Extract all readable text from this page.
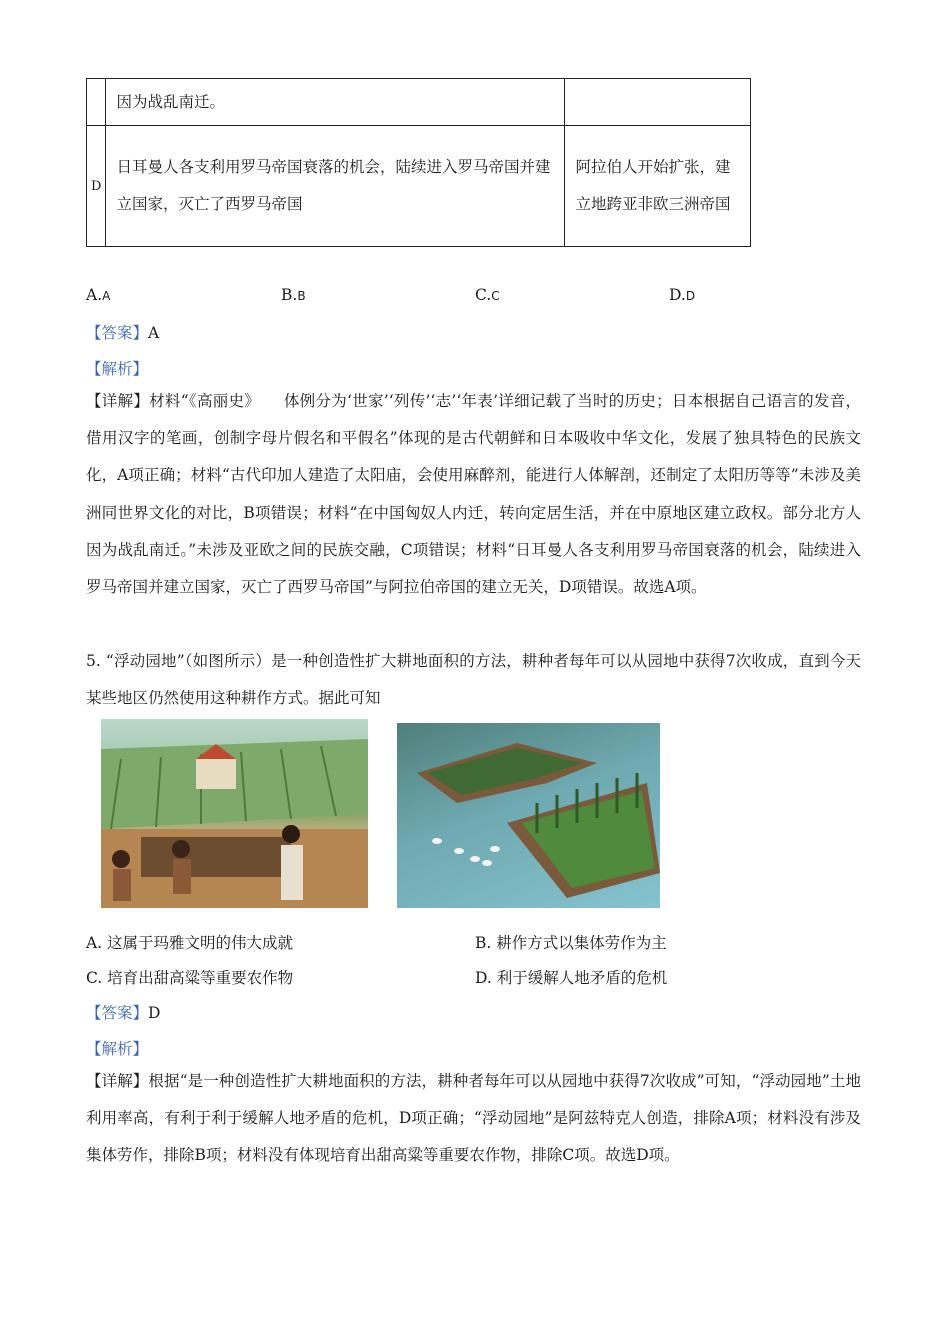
	因为战乱南迁。	
D	日耳曼人各支利用罗马帝国衰落的机会，陆续进入罗马帝国并建立国家，灭亡了西罗马帝国	阿拉伯人开始扩张，建立地跨亚非欧三洲帝国
A.A	B.B	C.C	D.D
【答案】A
【解析】
【详解】材料“《高丽史》　　体例分为‘世家’‘列传’‘志’‘年表’详细记载了当时的历史；日本根据自己语言的发音，借用汉字的笔画，创制字母片假名和平假名”体现的是古代朝鲜和日本吸收中华文化，发展了独具特色的民族文化，A项正确；材料“古代印加人建造了太阳庙，会使用麻醉剂，能进行人体解剖，还制定了太阳历等等”未涉及美洲同世界文化的对比，B项错误；材料“在中国匈奴人内迁，转向定居生活，并在中原地区建立政权。部分北方人因为战乱南迁。”未涉及亚欧之间的民族交融，C项错误；材料“日耳曼人各支利用罗马帝国衰落的机会，陆续进入罗马帝国并建立国家，灭亡了西罗马帝国”与阿拉伯帝国的建立无关，D项错误。故选A项。
5. “浮动园地”（如图所示）是一种创造性扩大耕地面积的方法，耕种者每年可以从园地中获得7次收成，直到今天某些地区仍然使用这种耕作方式。据此可知
A. 这属于玛雅文明的伟大成就	B. 耕作方式以集体劳作为主
C. 培育出甜高粱等重要农作物	D. 利于缓解人地矛盾的危机
【答案】D
【解析】
【详解】根据“是一种创造性扩大耕地面积的方法，耕种者每年可以从园地中获得7次收成”可知，“浮动园地”土地利用率高，有利于利于缓解人地矛盾的危机，D项正确；“浮动园地”是阿兹特克人创造，排除A项；材料没有涉及集体劳作，排除B项；材料没有体现培育出甜高粱等重要农作物，排除C项。故选D项。
